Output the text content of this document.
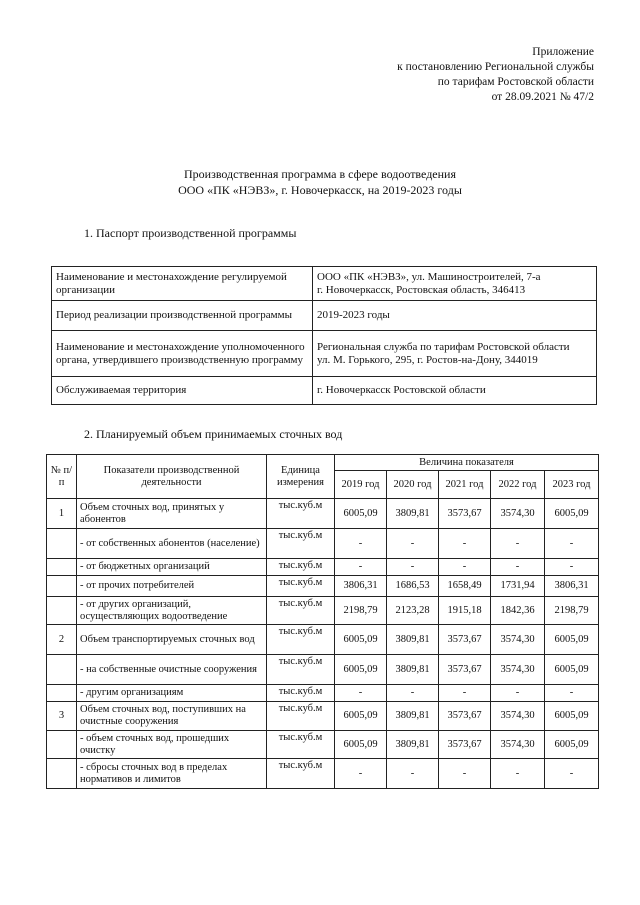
Приложение
к постановлению Региональной службы
по тарифам Ростовской области
от 28.09.2021 № 47/2
Производственная программа в сфере водоотведения
ООО «ПК «НЭВЗ», г. Новочеркасск, на 2019-2023 годы
1. Паспорт производственной программы
Наименование и местонахождение регулируемой организации	ООО «ПК «НЭВЗ», ул. Машиностроителей, 7-а
г. Новочеркасск, Ростовская область, 346413

Период реализации производственной программы	2019-2023 годы

Наименование и местонахождение уполномоченного органа, утвердившего производственную программу	Региональная служба по тарифам Ростовской области
ул. М. Горького, 295, г. Ростов-на-Дону, 344019

Обслуживаемая территория	г. Новочеркасск Ростовской области
2. Планируемый объем принимаемых сточных вод
№ п/п	Показатели производственной деятельности	Единица измерения	Величина показателя				
			2019 год	2020 год	2021 год	2022 год	2023 год
1	Объем сточных вод, принятых у абонентов	тыс.куб.м	6005,09	3809,81	3573,67	3574,30	6005,09
	- от собственных абонентов (население)	тыс.куб.м	-	-	-	-	-
	- от бюджетных организаций	тыс.куб.м	-	-	-	-	-
	- от прочих потребителей	тыс.куб.м	3806,31	1686,53	1658,49	1731,94	3806,31
	- от других организаций, осуществляющих водоотведение	тыс.куб.м	2198,79	2123,28	1915,18	1842,36	2198,79
2	Объем транспортируемых сточных вод	тыс.куб.м	6005,09	3809,81	3573,67	3574,30	6005,09
	- на собственные очистные сооружения	тыс.куб.м	6005,09	3809,81	3573,67	3574,30	6005,09
	- другим организациям	тыс.куб.м	-	-	-	-	-
3	Объем сточных вод, поступивших на очистные сооружения	тыс.куб.м	6005,09	3809,81	3573,67	3574,30	6005,09
	- объем сточных вод, прошедших очистку	тыс.куб.м	6005,09	3809,81	3573,67	3574,30	6005,09
	- сбросы сточных вод в пределах нормативов и лимитов	тыс.куб.м	-	-	-	-	-
